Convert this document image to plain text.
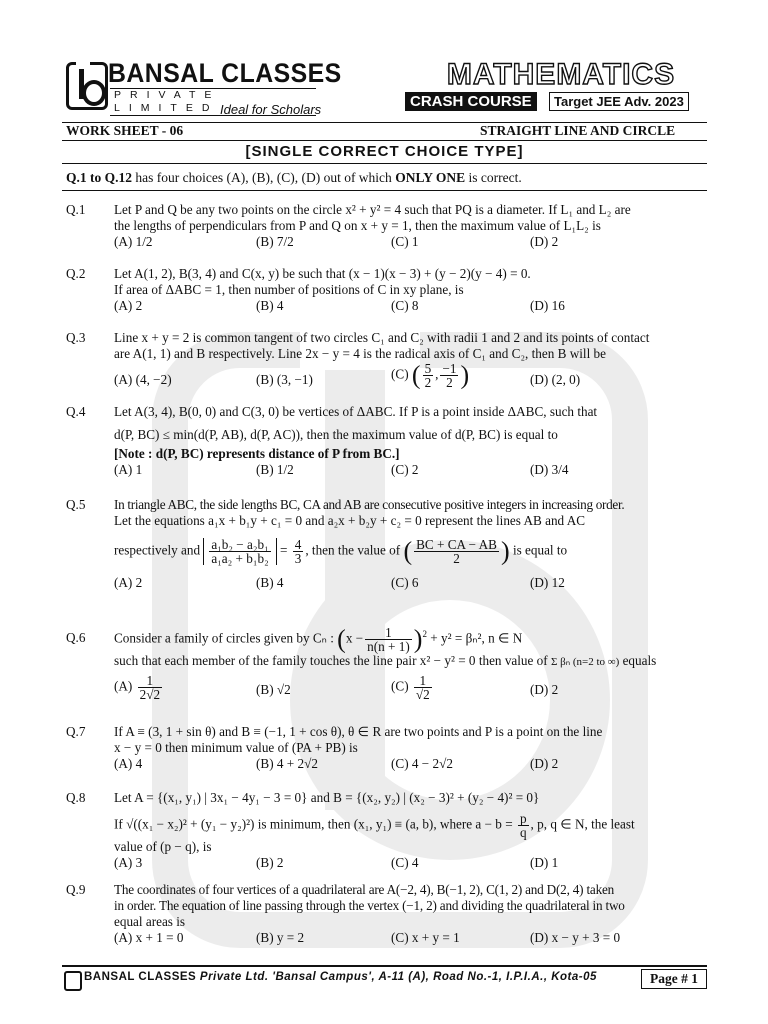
BANSAL CLASSES
PRIVATE LIMITED Ideal for Scholars
MATHEMATICS
CRASH COURSE	Target JEE Adv. 2023
WORK SHEET - 06	STRAIGHT LINE AND CIRCLE
[SINGLE CORRECT CHOICE TYPE]
Q.1 to Q.12 has four choices (A), (B), (C), (D) out of which ONLY ONE is correct.
Q.1 Let P and Q be any two points on the circle x² + y² = 4 such that PQ is a diameter. If L₁ and L₂ are
the lengths of perpendiculars from P and Q on x + y = 1, then the maximum value of L₁L₂ is
(A) 1/2	(B) 7/2	(C) 1	(D) 2
Q.2 Let A(1, 2), B(3, 4) and C(x, y) be such that (x − 1)(x − 3) + (y − 2)(y − 4) = 0.
If area of ΔABC = 1, then number of positions of C in xy plane, is
(A) 2	(B) 4	(C) 8	(D) 16
Q.3 Line x + y = 2 is common tangent of two circles C₁ and C₂ with radii 1 and 2 and its points of contact
are A(1, 1) and B respectively. Line 2x − y = 4 is the radical axis of C₁ and C₂, then B will be
(A) (4, −2)	(B) (3, −1)	(C) ( $\frac{5}{2}$ , $\frac{-1}{2}$ )	(D) (2, 0)
Q.4 Let A(3, 4), B(0, 0) and C(3, 0) be vertices of ΔABC. If P is a point inside ΔABC, such that
d(P, BC) ≤ min(d(P, AB), d(P, AC)), then the maximum value of d(P, BC) is equal to
[Note : d(P, BC) represents distance of P from BC.]
(A) 1	(B) 1/2	(C) 2	(D) 3/4
Q.5 In triangle ABC, the side lengths BC, CA and AB are consecutive positive integers in increasing order.
Let the equations a₁x + b₁y + c₁ = 0 and a₂x + b₂y + c₂ = 0 represent the lines AB and AC
respectively and $\frac{\text{a₁b₂ − a₂b₁}}{\text{a₁a₂ + b₁b₂}} = \frac{4}{3}$ , then the value of ( $\frac{BC + CA - AB}{2}$ ) is equal to
(A) 2	(B) 4	(C) 6	(D) 12
Q.6 Consider a family of circles given by Cₙ : $(x - \frac{1}{n(n + 1)} )^2 + y^2 = \beta_n^2$, n ∈ N
such that each member of the family touches the line pair x² − y² = 0 then value of Σ βₙ (n=2 to ∞) equals
$(A) \frac{1}{2√2}$	(B) √2	$(C) \frac{1}{√2}$	(D) 2
Q.7 If A ≡ (3, 1 + sin θ) and B ≡ (−1, 1 + cos θ), θ ∈ R are two points and P is a point on the line
x − y = 0 then minimum value of (PA + PB) is
(A) 4	(B) 4 + 2√2	(C) 4 − 2√2	(D) 2
Q.8 Let A = {(x₁, y₁) | 3x₁ − 4y₁ − 3 = 0} and B = {(x₂, y₂) | (x₂ − 3)² + (y₂ − 4)² = 0}
If √((x₁ − x₂)² + (y₁ − y₂)²) is minimum, then (x₁, y₁) ≡ (a, b), where $a - b = \frac{p}{q}$ , p, q ∈ N, the least
value of (p − q), is
(A) 3	(B) 2	(C) 4	(D) 1
Q.9 The coordinates of four vertices of a quadrilateral are A(−2, 4), B(−1, 2), C(1, 2) and D(2, 4) taken
in order. The equation of line passing through the vertex (−1, 2) and dividing the quadrilateral in two
equal areas is
(A) x + 1 = 0	(B) y = 2	(C) x + y = 1	(D) x − y + 3 = 0
BANSAL CLASSES Private Ltd. 'Bansal Campus', A-11 (A), Road No.-1, I.P.I.A., Kota-05	Page # 1
